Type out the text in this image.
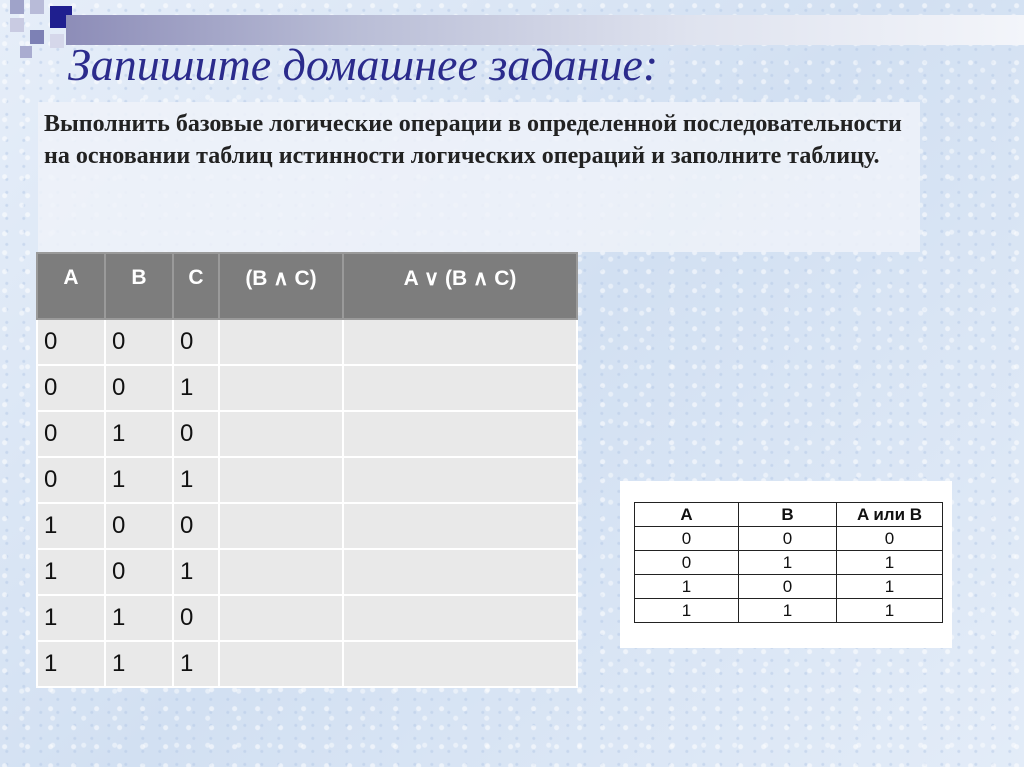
Запишите домашнее задание:

Выполнить базовые логические операции в определенной последовательности на основании таблиц истинности логических операций и заполните таблицу.

A	B	C	(B ∧ C)	A ∨ (B ∧ C)

0	0	0		
0	0	1		
0	1	0		
0	1	1		
1	0	0		
1	0	1		
1	1	0		
1	1	1		
A	B	A или B
0	0	0
0	1	1
1	0	1
1	1	1
